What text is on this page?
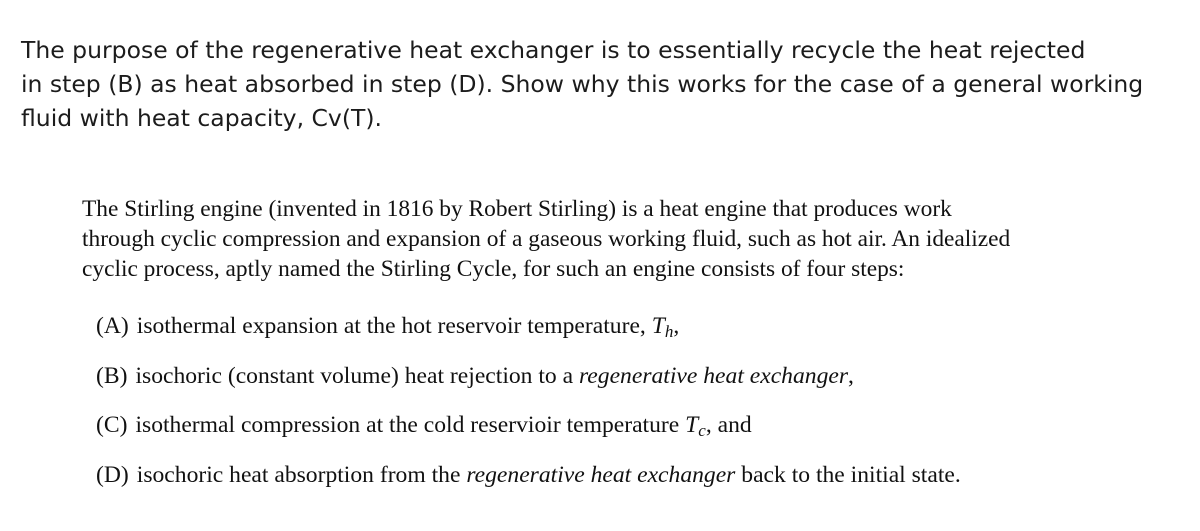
The purpose of the regenerative heat exchanger is to essentially recycle the heat rejected
in step (B) as heat absorbed in step (D). Show why this works for the case of a general working
fluid with heat capacity, Cv(T).
The Stirling engine (invented in 1816 by Robert Stirling) is a heat engine that produces work
through cyclic compression and expansion of a gaseous working fluid, such as hot air. An idealized
cyclic process, aptly named the Stirling Cycle, for such an engine consists of four steps:
(A) isothermal expansion at the hot reservoir temperature, $T_h$,
(B) isochoric (constant volume) heat rejection to a regenerative heat exchanger,
(C) isothermal compression at the cold reservioir temperature $T_c$, and
(D) isochoric heat absorption from the regenerative heat exchanger back to the initial state.
